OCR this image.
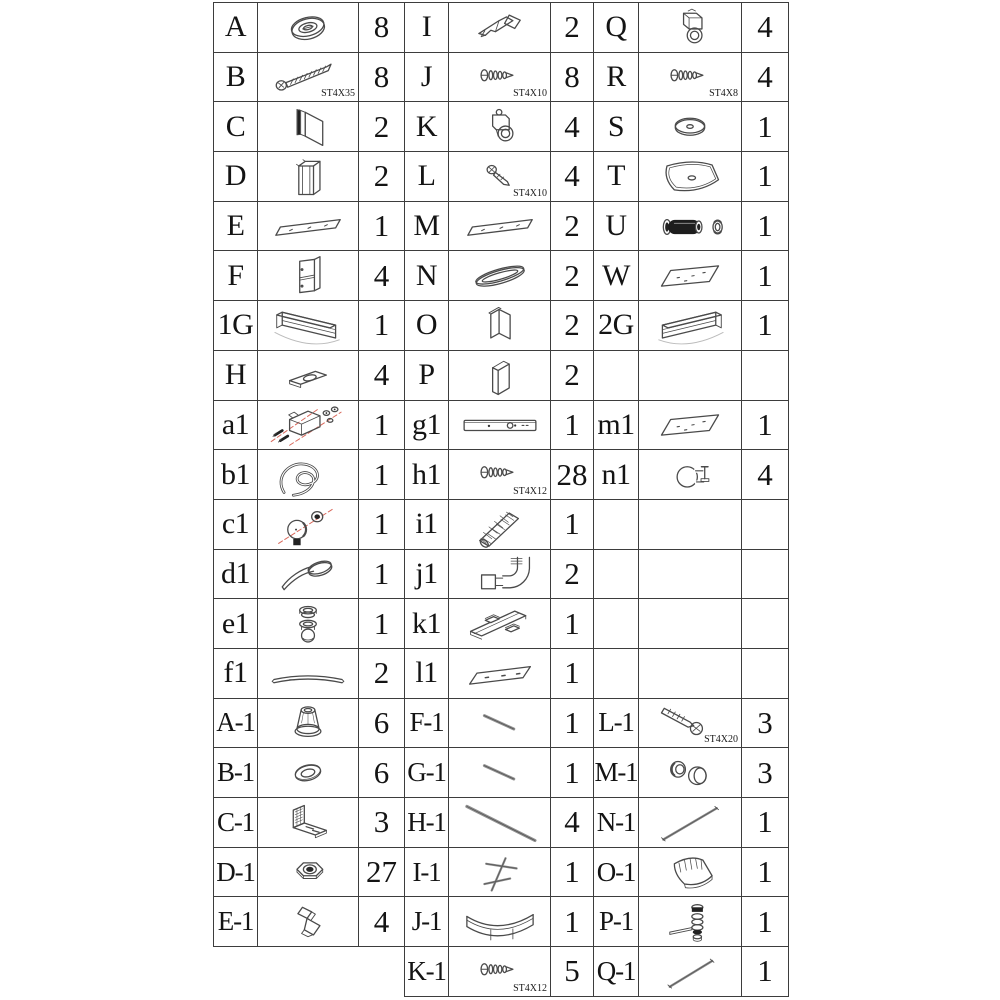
A		8	I		2	Q		4
B	ST4X35	8	J	ST4X10	8	R	ST4X8	4
C		2	K		4	S		1
D		2	L	ST4X10	4	T		1
E		1	M		2	U		1
F		4	N		2	W		1
1G		1	O		2	2G		1
H		4	P		2			
a1		1	g1		1	m1		1
b1		1	h1	ST4X12	28	n1		4
c1		1	i1		1			
d1		1	j1		2			
e1		1	k1		1			
f1		2	l1		1			
A-1		6	F-1		1	L-1	ST4X20	3
B-1		6	G-1		1	M-1		3
C-1		3	H-1		4	N-1		1
D-1		27	I-1		1	O-1		1
E-1		4	J-1		1	P-1		1
			K-1	ST4X12	5	Q-1		1
